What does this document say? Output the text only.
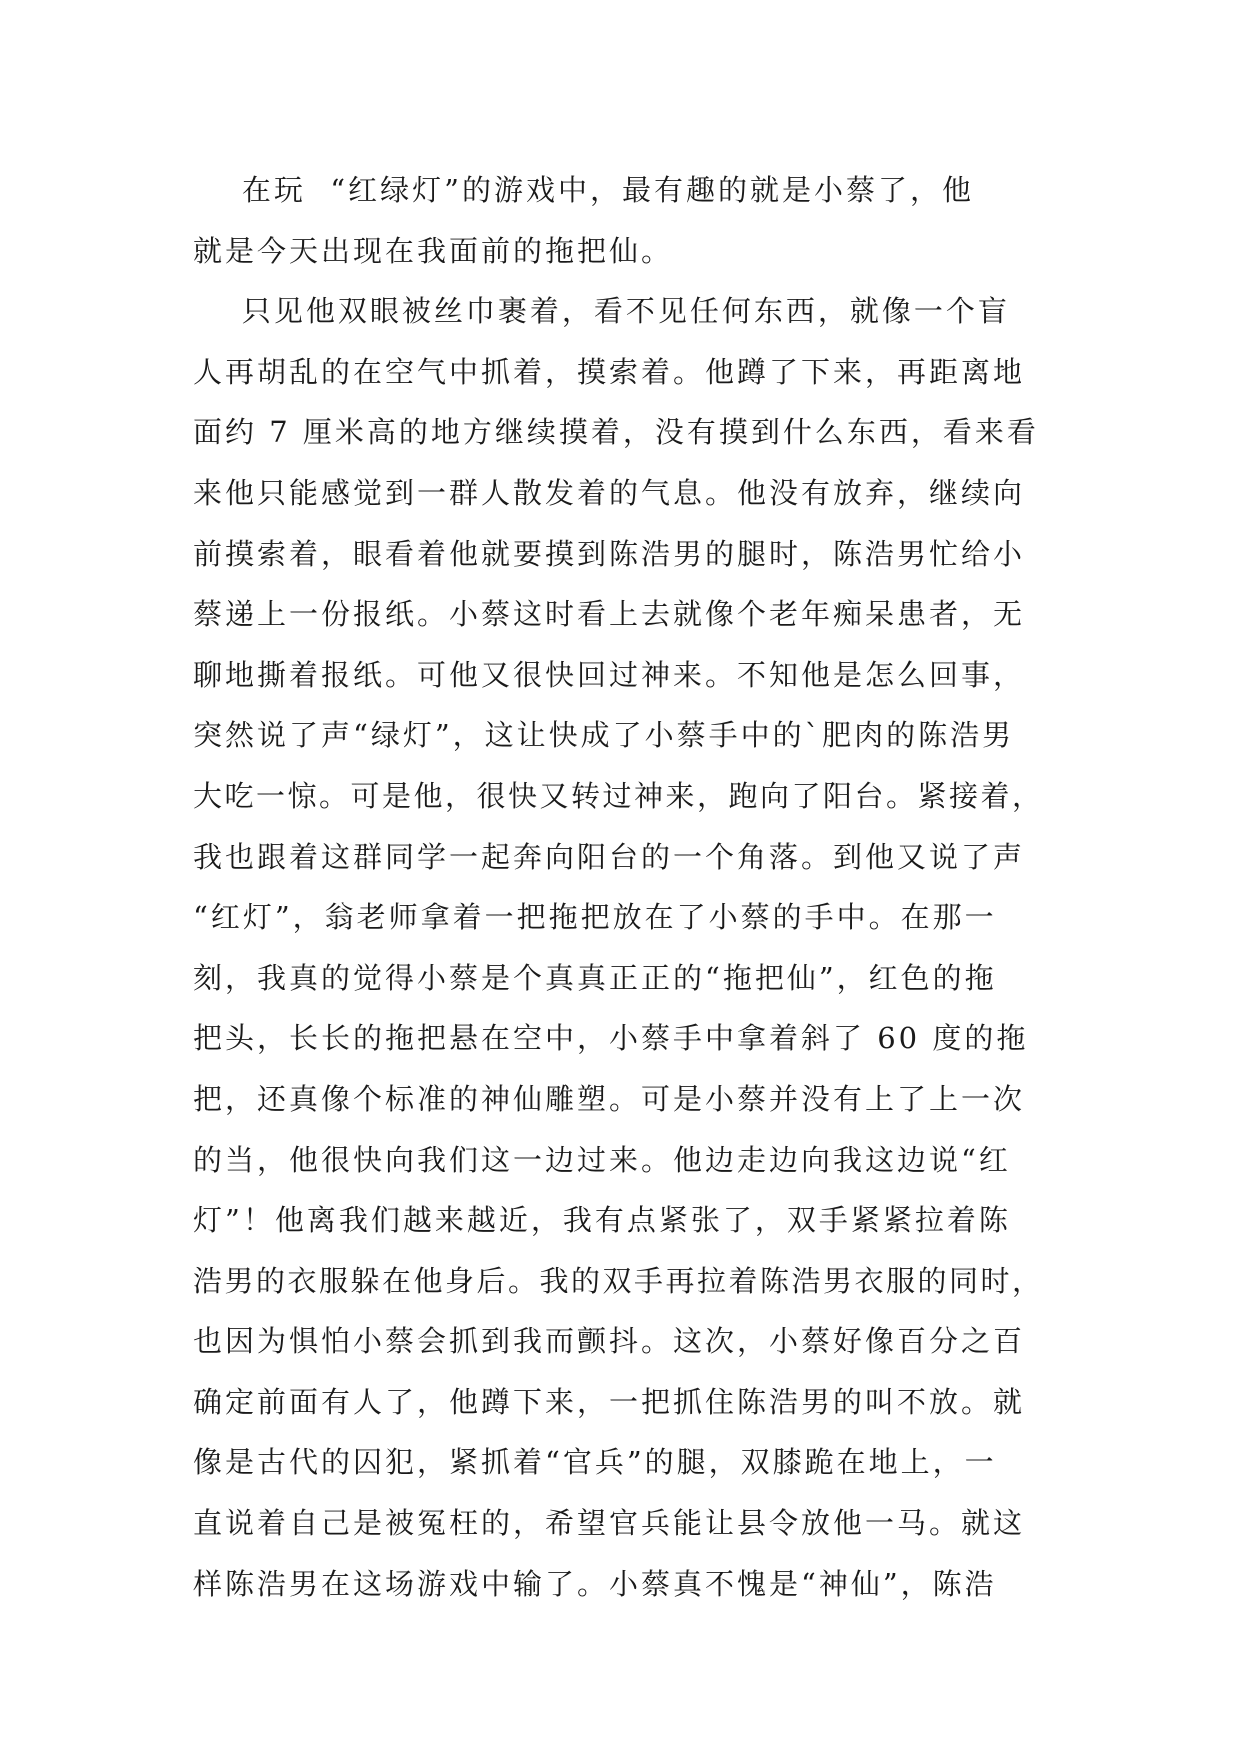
在玩  “红绿灯”的游戏中，最有趣的就是小蔡了，他
就是今天出现在我面前的拖把仙。
只见他双眼被丝巾裹着，看不见任何东西，就像一个盲
人再胡乱的在空气中抓着，摸索着。他蹲了下来，再距离地
面约 7 厘米高的地方继续摸着，没有摸到什么东西，看来看
来他只能感觉到一群人散发着的气息。他没有放弃，继续向
前摸索着，眼看着他就要摸到陈浩男的腿时，陈浩男忙给小
蔡递上一份报纸。小蔡这时看上去就像个老年痴呆患者，无
聊地撕着报纸。可他又很快回过神来。不知他是怎么回事，
突然说了声“绿灯”，这让快成了小蔡手中的`肥肉的陈浩男
大吃一惊。可是他，很快又转过神来，跑向了阳台。紧接着，
我也跟着这群同学一起奔向阳台的一个角落。到他又说了声
“红灯”，翁老师拿着一把拖把放在了小蔡的手中。在那一
刻，我真的觉得小蔡是个真真正正的“拖把仙”，红色的拖
把头，长长的拖把悬在空中，小蔡手中拿着斜了 60 度的拖
把，还真像个标准的神仙雕塑。可是小蔡并没有上了上一次
的当，他很快向我们这一边过来。他边走边向我这边说“红
灯”！他离我们越来越近，我有点紧张了，双手紧紧拉着陈
浩男的衣服躲在他身后。我的双手再拉着陈浩男衣服的同时，
也因为惧怕小蔡会抓到我而颤抖。这次，小蔡好像百分之百
确定前面有人了，他蹲下来，一把抓住陈浩男的叫不放。就
像是古代的囚犯，紧抓着“官兵”的腿，双膝跪在地上，一
直说着自己是被冤枉的，希望官兵能让县令放他一马。就这
样陈浩男在这场游戏中输了。小蔡真不愧是“神仙”，陈浩
